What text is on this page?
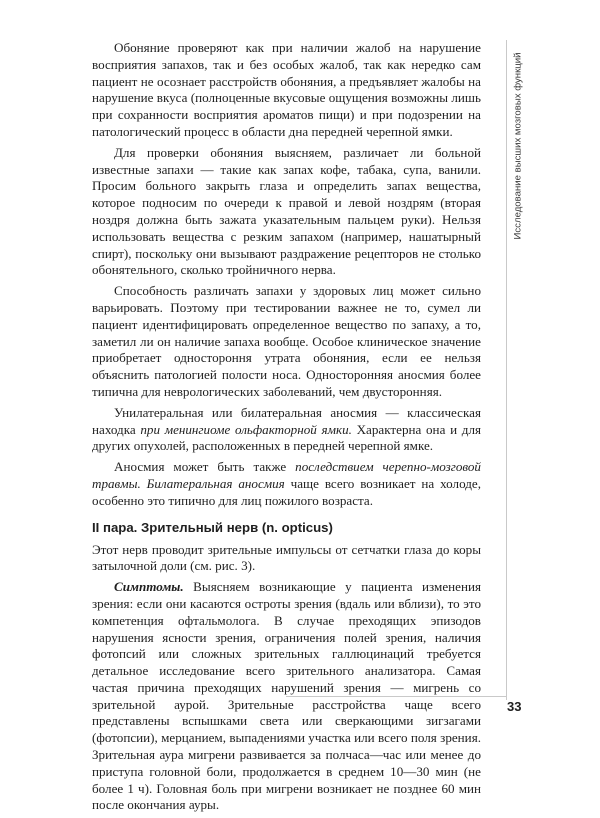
Обоняние проверяют как при наличии жалоб на нарушение восприятия запахов, так и без особых жалоб, так как нередко сам пациент не осознает расстройств обоняния, а предъявляет жалобы на нарушение вкуса (полноценные вкусовые ощущения возможны лишь при сохранности восприятия ароматов пищи) и при подозрении на патологический процесс в области дна передней черепной ямки.

Для проверки обоняния выясняем, различает ли больной известные запахи — такие как запах кофе, табака, супа, ванили. Просим больного закрыть глаза и определить запах вещества, которое подносим по очереди к правой и левой ноздрям (вторая ноздря должна быть зажата указательным пальцем руки). Нельзя использовать вещества с резким запахом (например, нашатырный спирт), поскольку они вызывают раздражение рецепторов не столько обонятельного, сколько тройничного нерва.

Способность различать запахи у здоровых лиц может сильно варьировать. Поэтому при тестировании важнее не то, сумел ли пациент идентифицировать определенное вещество по запаху, а то, заметил ли он наличие запаха вообще. Особое клиническое значение приобретает одностороння утрата обоняния, если ее нельзя объяснить патологией полости носа. Односторонняя аносмия более типична для неврологических заболеваний, чем двусторонняя.

Унилатеральная или билатеральная аносмия — классическая находка при менингиоме ольфакторной ямки. Характерна она и для других опухолей, расположенных в передней черепной ямке.

Аносмия может быть также последствием черепно-мозговой травмы. Билатеральная аносмия чаще всего возникает на холоде, особенно это типично для лиц пожилого возраста.

II пара. Зрительный нерв (n. opticus)

Этот нерв проводит зрительные импульсы от сетчатки глаза до коры затылочной доли (см. рис. 3).

Симптомы. Выясняем возникающие у пациента изменения зрения: если они касаются остроты зрения (вдаль или вблизи), то это компетенция офтальмолога. В случае преходящих эпизодов нарушения ясности зрения, ограничения полей зрения, наличия фотопсий или сложных зрительных галлюцинаций требуется детальное исследование всего зрительного анализатора. Самая частая причина преходящих нарушений зрения — мигрень со зрительной аурой. Зрительные расстройства чаще всего представлены вспышками света или сверкающими зигзагами (фотопсии), мерцанием, выпадениями участка или всего поля зрения. Зрительная аура мигрени развивается за полчаса—час или менее до приступа головной боли, продолжается в среднем 10—30 мин (не более 1 ч). Головная боль при мигрени возникает не позднее 60 мин после окончания ауры.

Исследование высших мозговых функций
33
